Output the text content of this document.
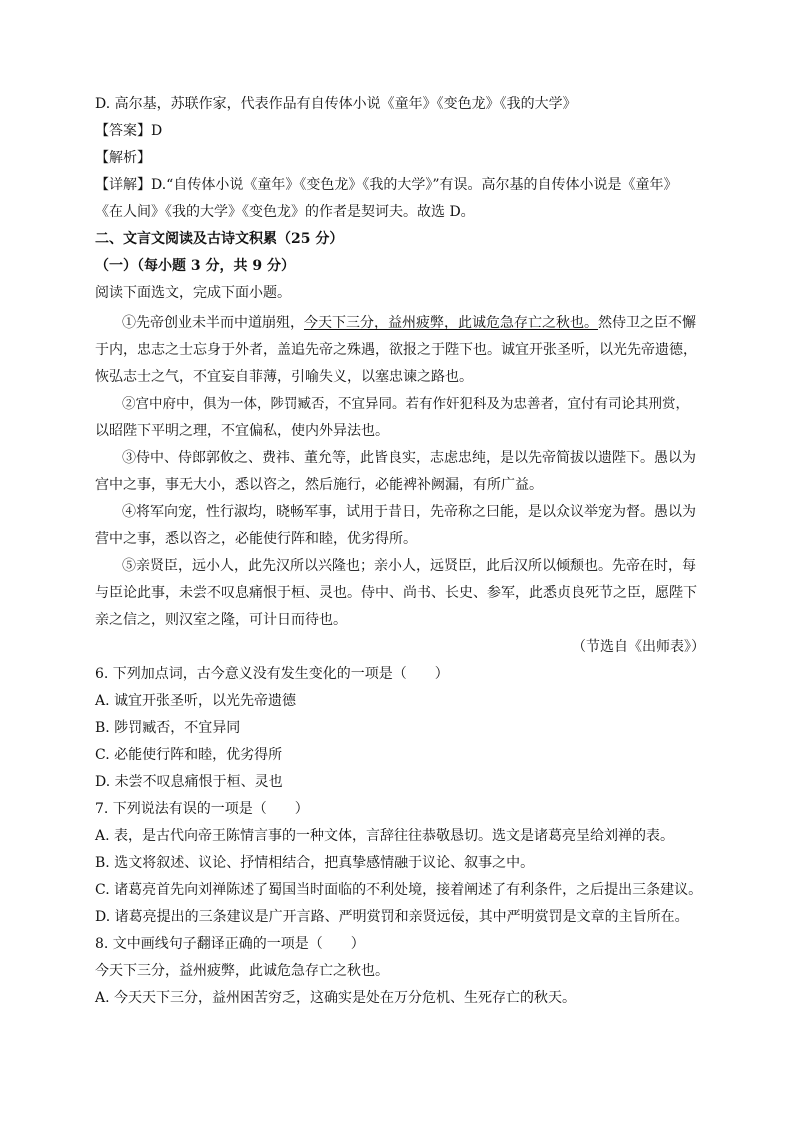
D. 高尔基，苏联作家，代表作品有自传体小说《童年》《变色龙》《我的大学》
【答案】D
【解析】
【详解】D.“自传体小说《童年》《变色龙》《我的大学》”有误。高尔基的自传体小说是《童年》
《在人间》《我的大学》《变色龙》的作者是契诃夫。故选 D。
二、文言文阅读及古诗文积累（25 分）
（一）（每小题 3 分，共 9 分）
阅读下面选文，完成下面小题。
①先帝创业未半而中道崩殂，今天下三分，益州疲弊，此诚危急存亡之秋也。然侍卫之臣不懈
于内，忠志之士忘身于外者，盖追先帝之殊遇，欲报之于陛下也。诚宜开张圣听，以光先帝遗德，
恢弘志士之气，不宜妄自菲薄，引喻失义，以塞忠谏之路也。
②宫中府中，俱为一体，陟罚臧否，不宜异同。若有作奸犯科及为忠善者，宜付有司论其刑赏，
以昭陛下平明之理，不宜偏私，使内外异法也。
③侍中、侍郎郭攸之、费祎、董允等，此皆良实，志虑忠纯，是以先帝简拔以遗陛下。愚以为
宫中之事，事无大小，悉以咨之，然后施行，必能裨补阙漏，有所广益。
④将军向宠，性行淑均，晓畅军事，试用于昔日，先帝称之曰能，是以众议举宠为督。愚以为
营中之事，悉以咨之，必能使行阵和睦，优劣得所。
⑤亲贤臣，远小人，此先汉所以兴隆也；亲小人，远贤臣，此后汉所以倾颓也。先帝在时，每
与臣论此事，未尝不叹息痛恨于桓、灵也。侍中、尚书、长史、参军，此悉贞良死节之臣，愿陛下
亲之信之，则汉室之隆，可计日而待也。
（节选自《出师表》）
6. 下列加点词，古今意义没有发生变化的一项是（　　）
A. 诚宜开张圣听，以光先帝遗德
B. 陟罚臧否，不宜异同
C. 必能使行阵和睦，优劣得所
D. 未尝不叹息痛恨于桓、灵也
7. 下列说法有误的一项是（　　）
A. 表，是古代向帝王陈情言事的一种文体，言辞往往恭敬恳切。选文是诸葛亮呈给刘禅的表。
B. 选文将叙述、议论、抒情相结合，把真挚感情融于议论、叙事之中。
C. 诸葛亮首先向刘禅陈述了蜀国当时面临的不利处境，接着阐述了有利条件，之后提出三条建议。
D. 诸葛亮提出的三条建议是广开言路、严明赏罚和亲贤远佞，其中严明赏罚是文章的主旨所在。
8. 文中画线句子翻译正确的一项是（　　）
今天下三分，益州疲弊，此诚危急存亡之秋也。
A. 今天天下三分，益州困苦穷乏，这确实是处在万分危机、生死存亡的秋天。
